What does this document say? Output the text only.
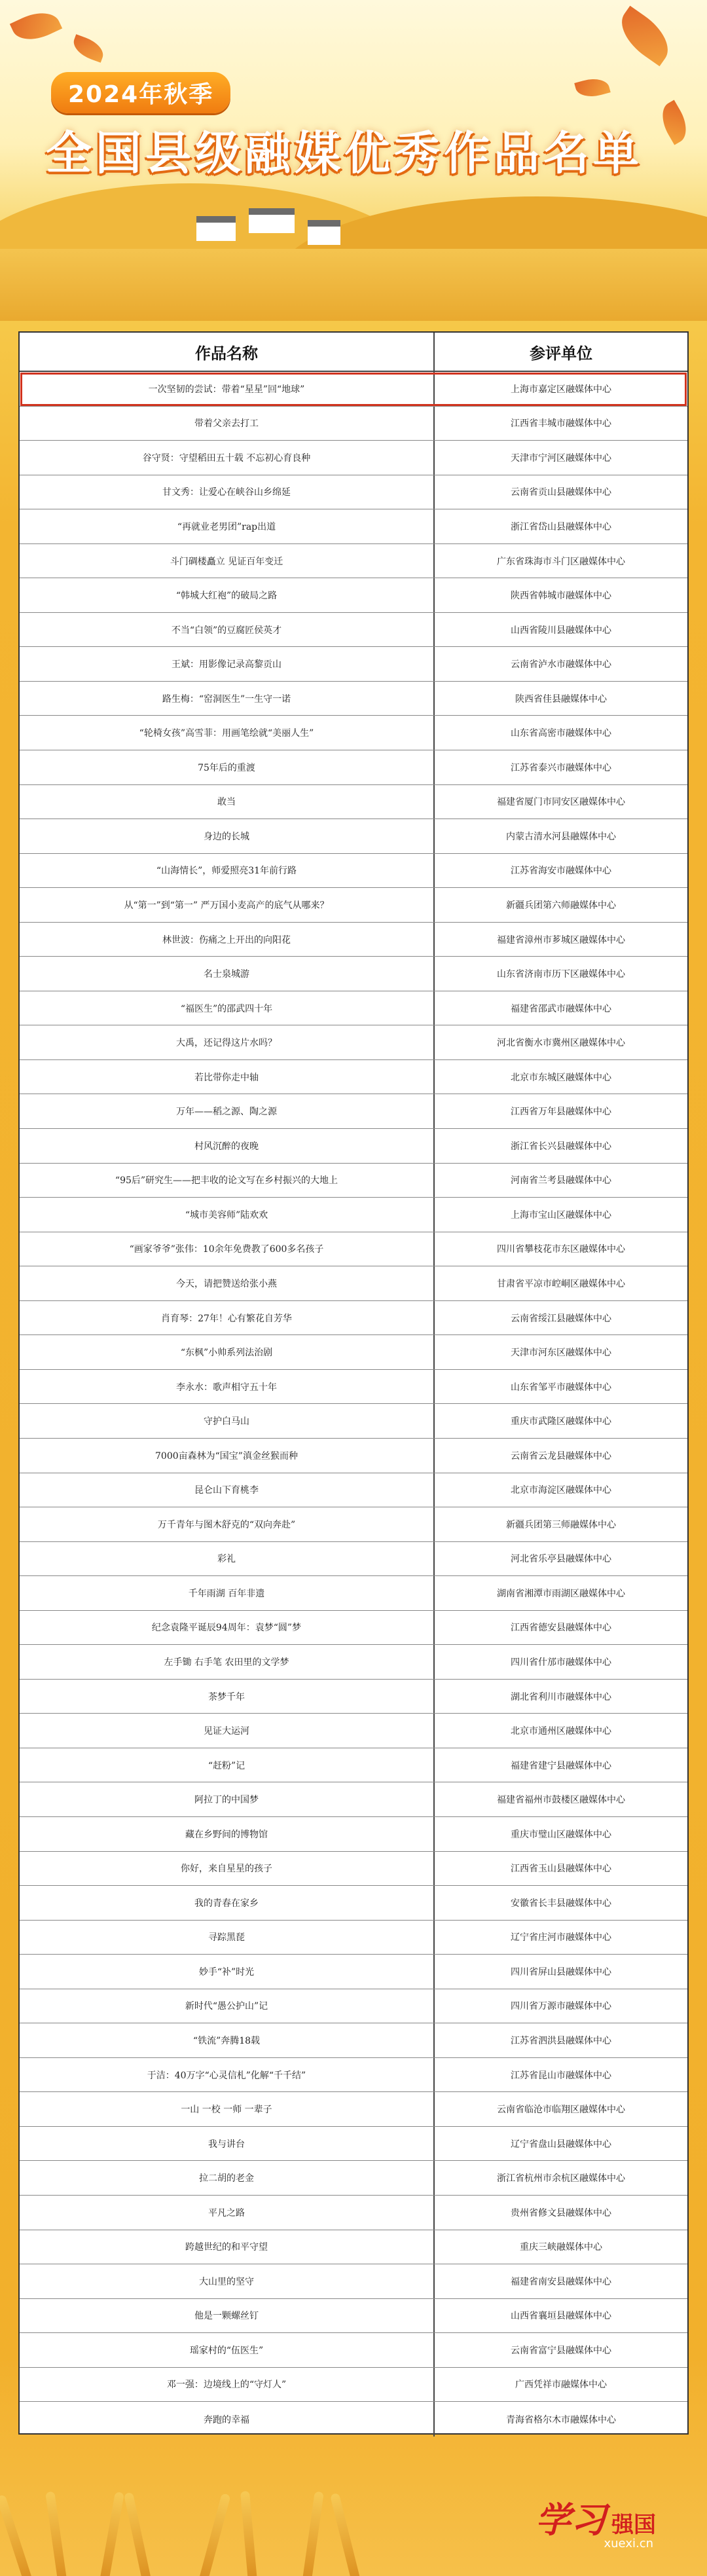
2024年秋季
全国县级融媒优秀作品名单
作品名称	参评单位
一次坚韧的尝试：带着“星星”回“地球”	上海市嘉定区融媒体中心
带着父亲去打工	江西省丰城市融媒体中心
谷守贤：守望稻田五十载 不忘初心育良种	天津市宁河区融媒体中心
甘文秀：让爱心在峡谷山乡绵延	云南省贡山县融媒体中心
“再就业老男团”rap出道	浙江省岱山县融媒体中心
斗门碉楼矗立 见证百年变迁	广东省珠海市斗门区融媒体中心
“韩城大红袍”的破局之路	陕西省韩城市融媒体中心
不当“白领”的豆腐匠侯英才	山西省陵川县融媒体中心
王斌：用影像记录高黎贡山	云南省泸水市融媒体中心
路生梅：“窑洞医生”一生守一诺	陕西省佳县融媒体中心
“轮椅女孩”高雪菲：用画笔绘就“美丽人生”	山东省高密市融媒体中心
75年后的重渡	江苏省泰兴市融媒体中心
敢当	福建省厦门市同安区融媒体中心
身边的长城	内蒙古清水河县融媒体中心
“山海情长”，师爱照亮31年前行路	江苏省海安市融媒体中心
从“第一”到“第一” 严万国小麦高产的底气从哪来？	新疆兵团第六师融媒体中心
林世波：伤痛之上开出的向阳花	福建省漳州市芗城区融媒体中心
名士泉城游	山东省济南市历下区融媒体中心
“福医生”的邵武四十年	福建省邵武市融媒体中心
大禹，还记得这片水吗？	河北省衡水市冀州区融媒体中心
若比带你走中轴	北京市东城区融媒体中心
万年——稻之源、陶之源	江西省万年县融媒体中心
村风沉醉的夜晚	浙江省长兴县融媒体中心
“95后”研究生——把丰收的论文写在乡村振兴的大地上	河南省兰考县融媒体中心
“城市美容师”陆欢欢	上海市宝山区融媒体中心
“画家爷爷”张伟：10余年免费教了600多名孩子	四川省攀枝花市东区融媒体中心
今天，请把赞送给张小燕	甘肃省平凉市崆峒区融媒体中心
肖育琴：27年！心有繁花自芳华	云南省绥江县融媒体中心
“东枫”小帅系列法治剧	天津市河东区融媒体中心
李永水：歌声相守五十年	山东省邹平市融媒体中心
守护白马山	重庆市武隆区融媒体中心
7000亩森林为“国宝”滇金丝猴而种	云南省云龙县融媒体中心
昆仑山下育桃李	北京市海淀区融媒体中心
万千青年与图木舒克的“双向奔赴”	新疆兵团第三师融媒体中心
彩礼	河北省乐亭县融媒体中心
千年雨湖 百年非遗	湖南省湘潭市雨湖区融媒体中心
纪念袁隆平诞辰94周年：袁梦“圆”梦	江西省德安县融媒体中心
左手锄 右手笔 农田里的文学梦	四川省什邡市融媒体中心
茶梦千年	湖北省利川市融媒体中心
见证大运河	北京市通州区融媒体中心
“赶粉”记	福建省建宁县融媒体中心
阿拉丁的中国梦	福建省福州市鼓楼区融媒体中心
藏在乡野间的博物馆	重庆市璧山区融媒体中心
你好，来自星星的孩子	江西省玉山县融媒体中心
我的青春在家乡	安徽省长丰县融媒体中心
寻踪黑琵	辽宁省庄河市融媒体中心
妙手“补”时光	四川省屏山县融媒体中心
新时代“愚公护山”记	四川省万源市融媒体中心
“铁流”奔腾18载	江苏省泗洪县融媒体中心
于洁：40万字“心灵信札”化解“千千结”	江苏省昆山市融媒体中心
一山 一校 一师 一辈子	云南省临沧市临翔区融媒体中心
我与讲台	辽宁省盘山县融媒体中心
拉二胡的老金	浙江省杭州市余杭区融媒体中心
平凡之路	贵州省修文县融媒体中心
跨越世纪的和平守望	重庆三峡融媒体中心
大山里的坚守	福建省南安县融媒体中心
他是一颗螺丝钉	山西省襄垣县融媒体中心
瑶家村的“伍医生”	云南省富宁县融媒体中心
邓一强：边境线上的“守灯人”	广西凭祥市融媒体中心
奔跑的幸福	青海省格尔木市融媒体中心
学习 强国
xuexi.cn
